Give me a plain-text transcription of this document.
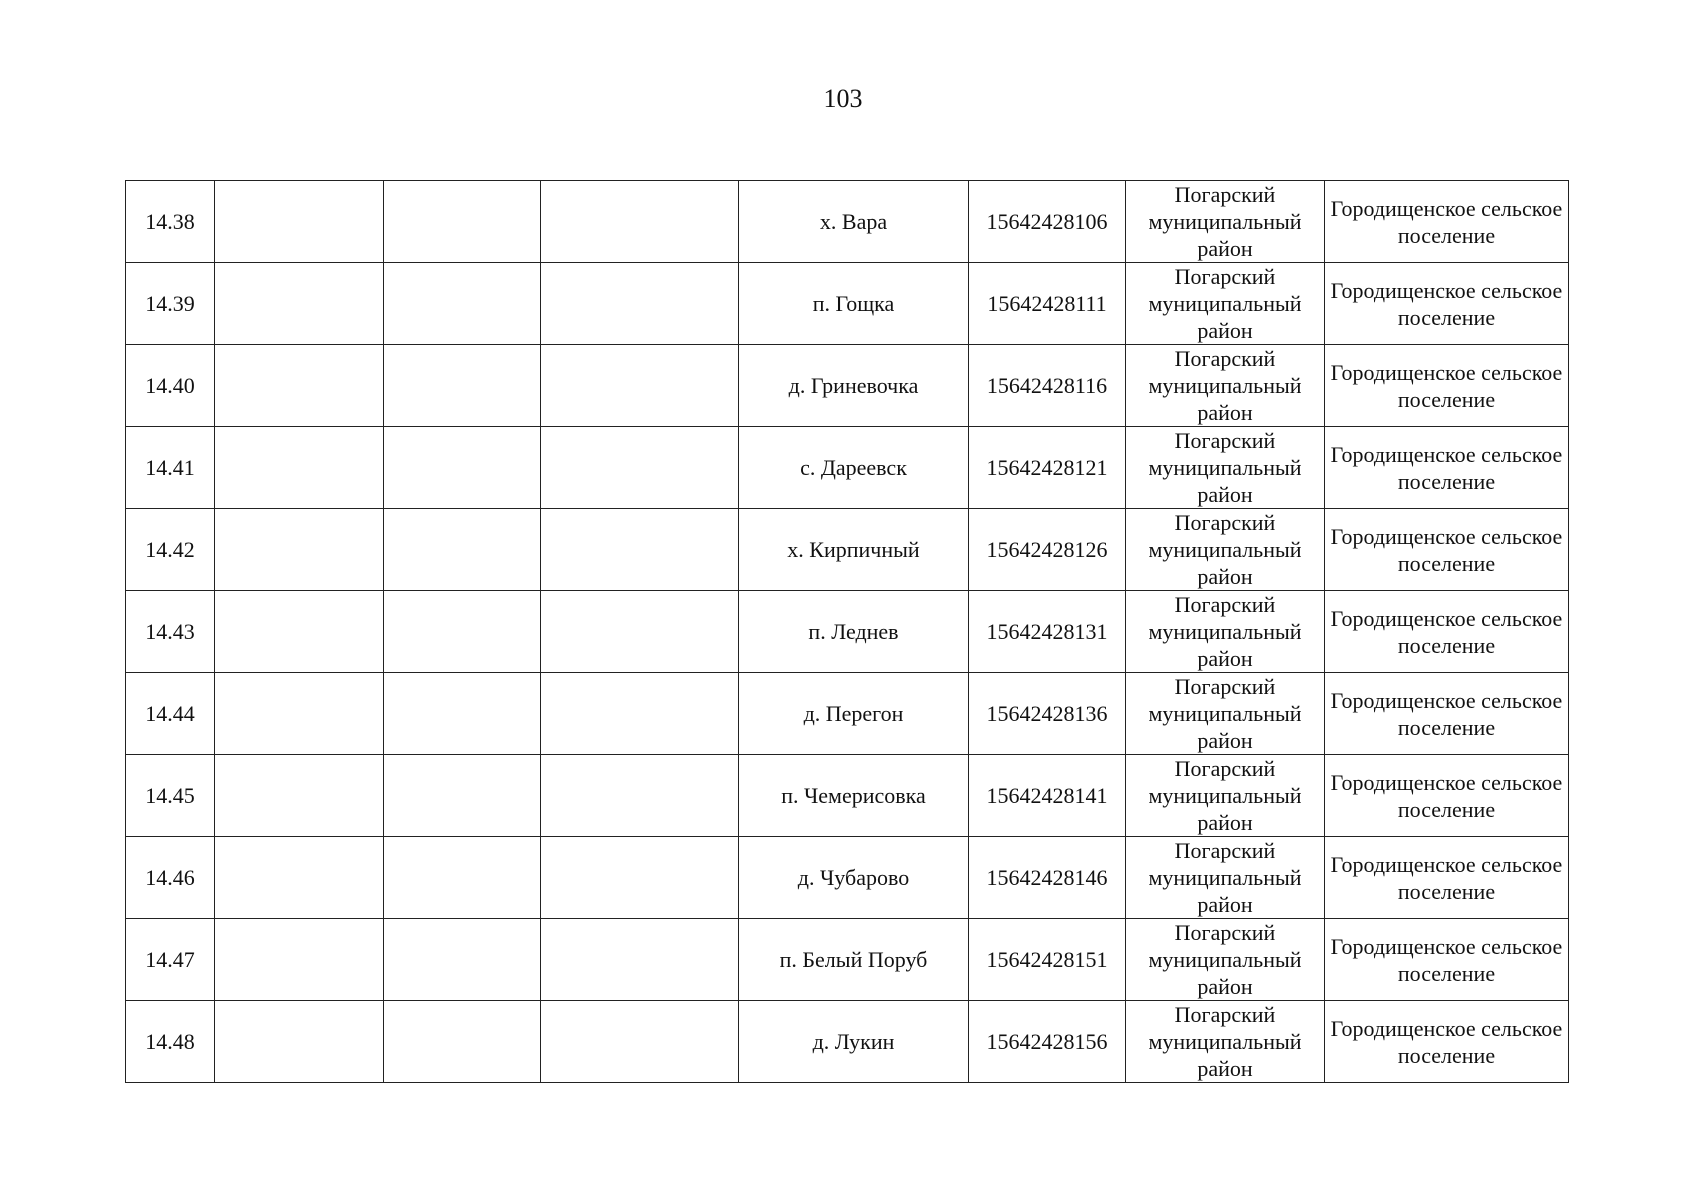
103
14.38				х. Вара	15642428106	Погарский муниципальный район	Городищенское сельское поселение
14.39				п. Гощка	15642428111	Погарский муниципальный район	Городищенское сельское поселение
14.40				д. Гриневочка	15642428116	Погарский муниципальный район	Городищенское сельское поселение
14.41				с. Дареевск	15642428121	Погарский муниципальный район	Городищенское сельское поселение
14.42				х. Кирпичный	15642428126	Погарский муниципальный район	Городищенское сельское поселение
14.43				п. Леднев	15642428131	Погарский муниципальный район	Городищенское сельское поселение
14.44				д. Перегон	15642428136	Погарский муниципальный район	Городищенское сельское поселение
14.45				п. Чемерисовка	15642428141	Погарский муниципальный район	Городищенское сельское поселение
14.46				д. Чубарово	15642428146	Погарский муниципальный район	Городищенское сельское поселение
14.47				п. Белый Поруб	15642428151	Погарский муниципальный район	Городищенское сельское поселение
14.48				д. Лукин	15642428156	Погарский муниципальный район	Городищенское сельское поселение
